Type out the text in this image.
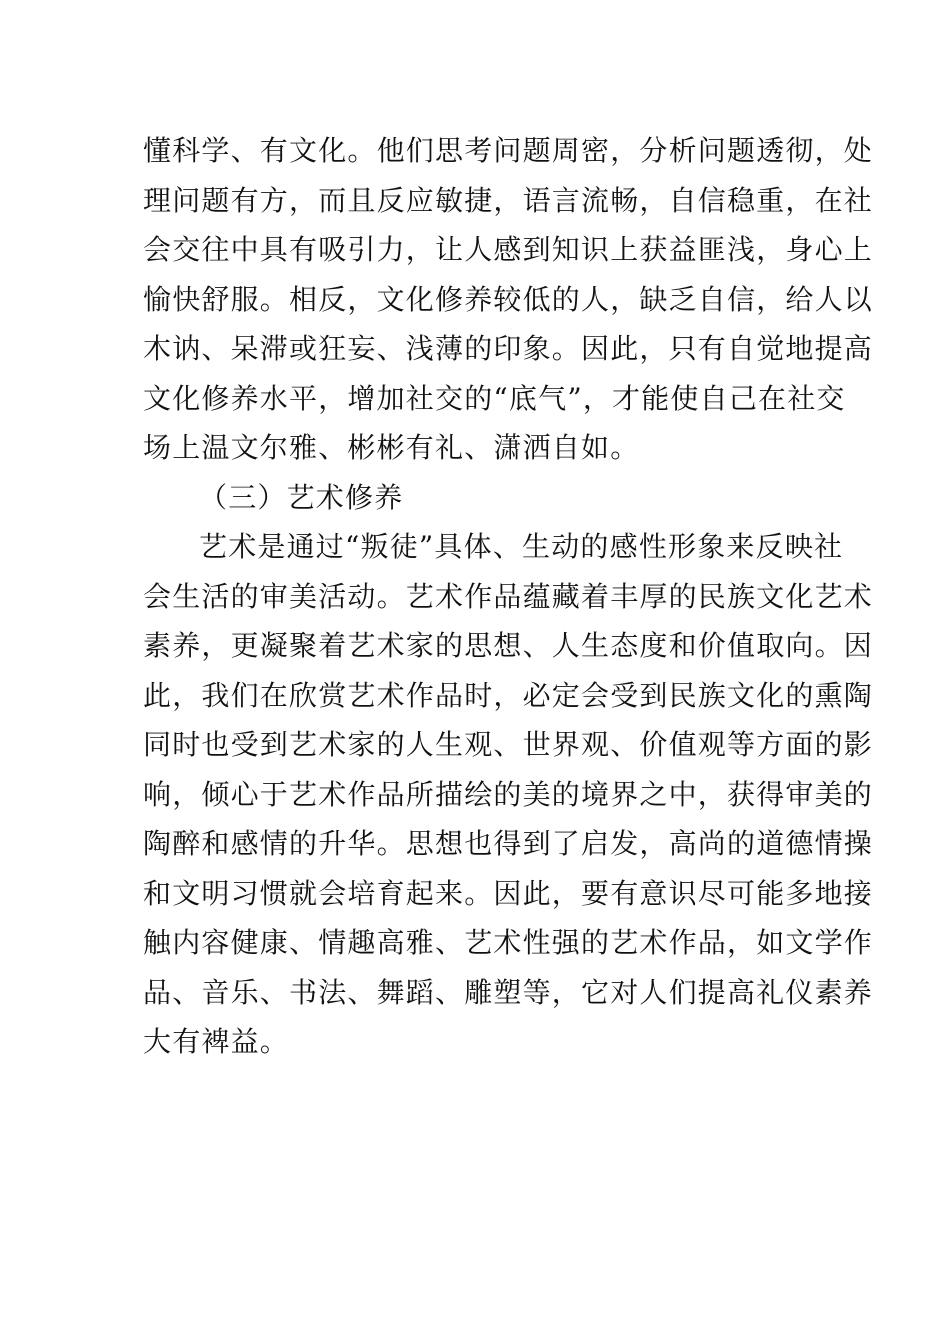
懂科学、有文化。他们思考问题周密，分析问题透彻，处
理问题有方，而且反应敏捷，语言流畅，自信稳重，在社
会交往中具有吸引力，让人感到知识上获益匪浅，身心上
愉快舒服。相反，文化修养较低的人，缺乏自信，给人以
木讷、呆滞或狂妄、浅薄的印象。因此，只有自觉地提高
文化修养水平，增加社交的“底气”，才能使自己在社交
场上温文尔雅、彬彬有礼、潇洒自如。
（三）艺术修养
艺术是通过“叛徒”具体、生动的感性形象来反映社
会生活的审美活动。艺术作品蕴藏着丰厚的民族文化艺术
素养，更凝聚着艺术家的思想、人生态度和价值取向。因
此，我们在欣赏艺术作品时，必定会受到民族文化的熏陶
同时也受到艺术家的人生观、世界观、价值观等方面的影
响，倾心于艺术作品所描绘的美的境界之中，获得审美的
陶醉和感情的升华。思想也得到了启发，高尚的道德情操
和文明习惯就会培育起来。因此，要有意识尽可能多地接
触内容健康、情趣高雅、艺术性强的艺术作品，如文学作
品、音乐、书法、舞蹈、雕塑等，它对人们提高礼仪素养
大有裨益。
